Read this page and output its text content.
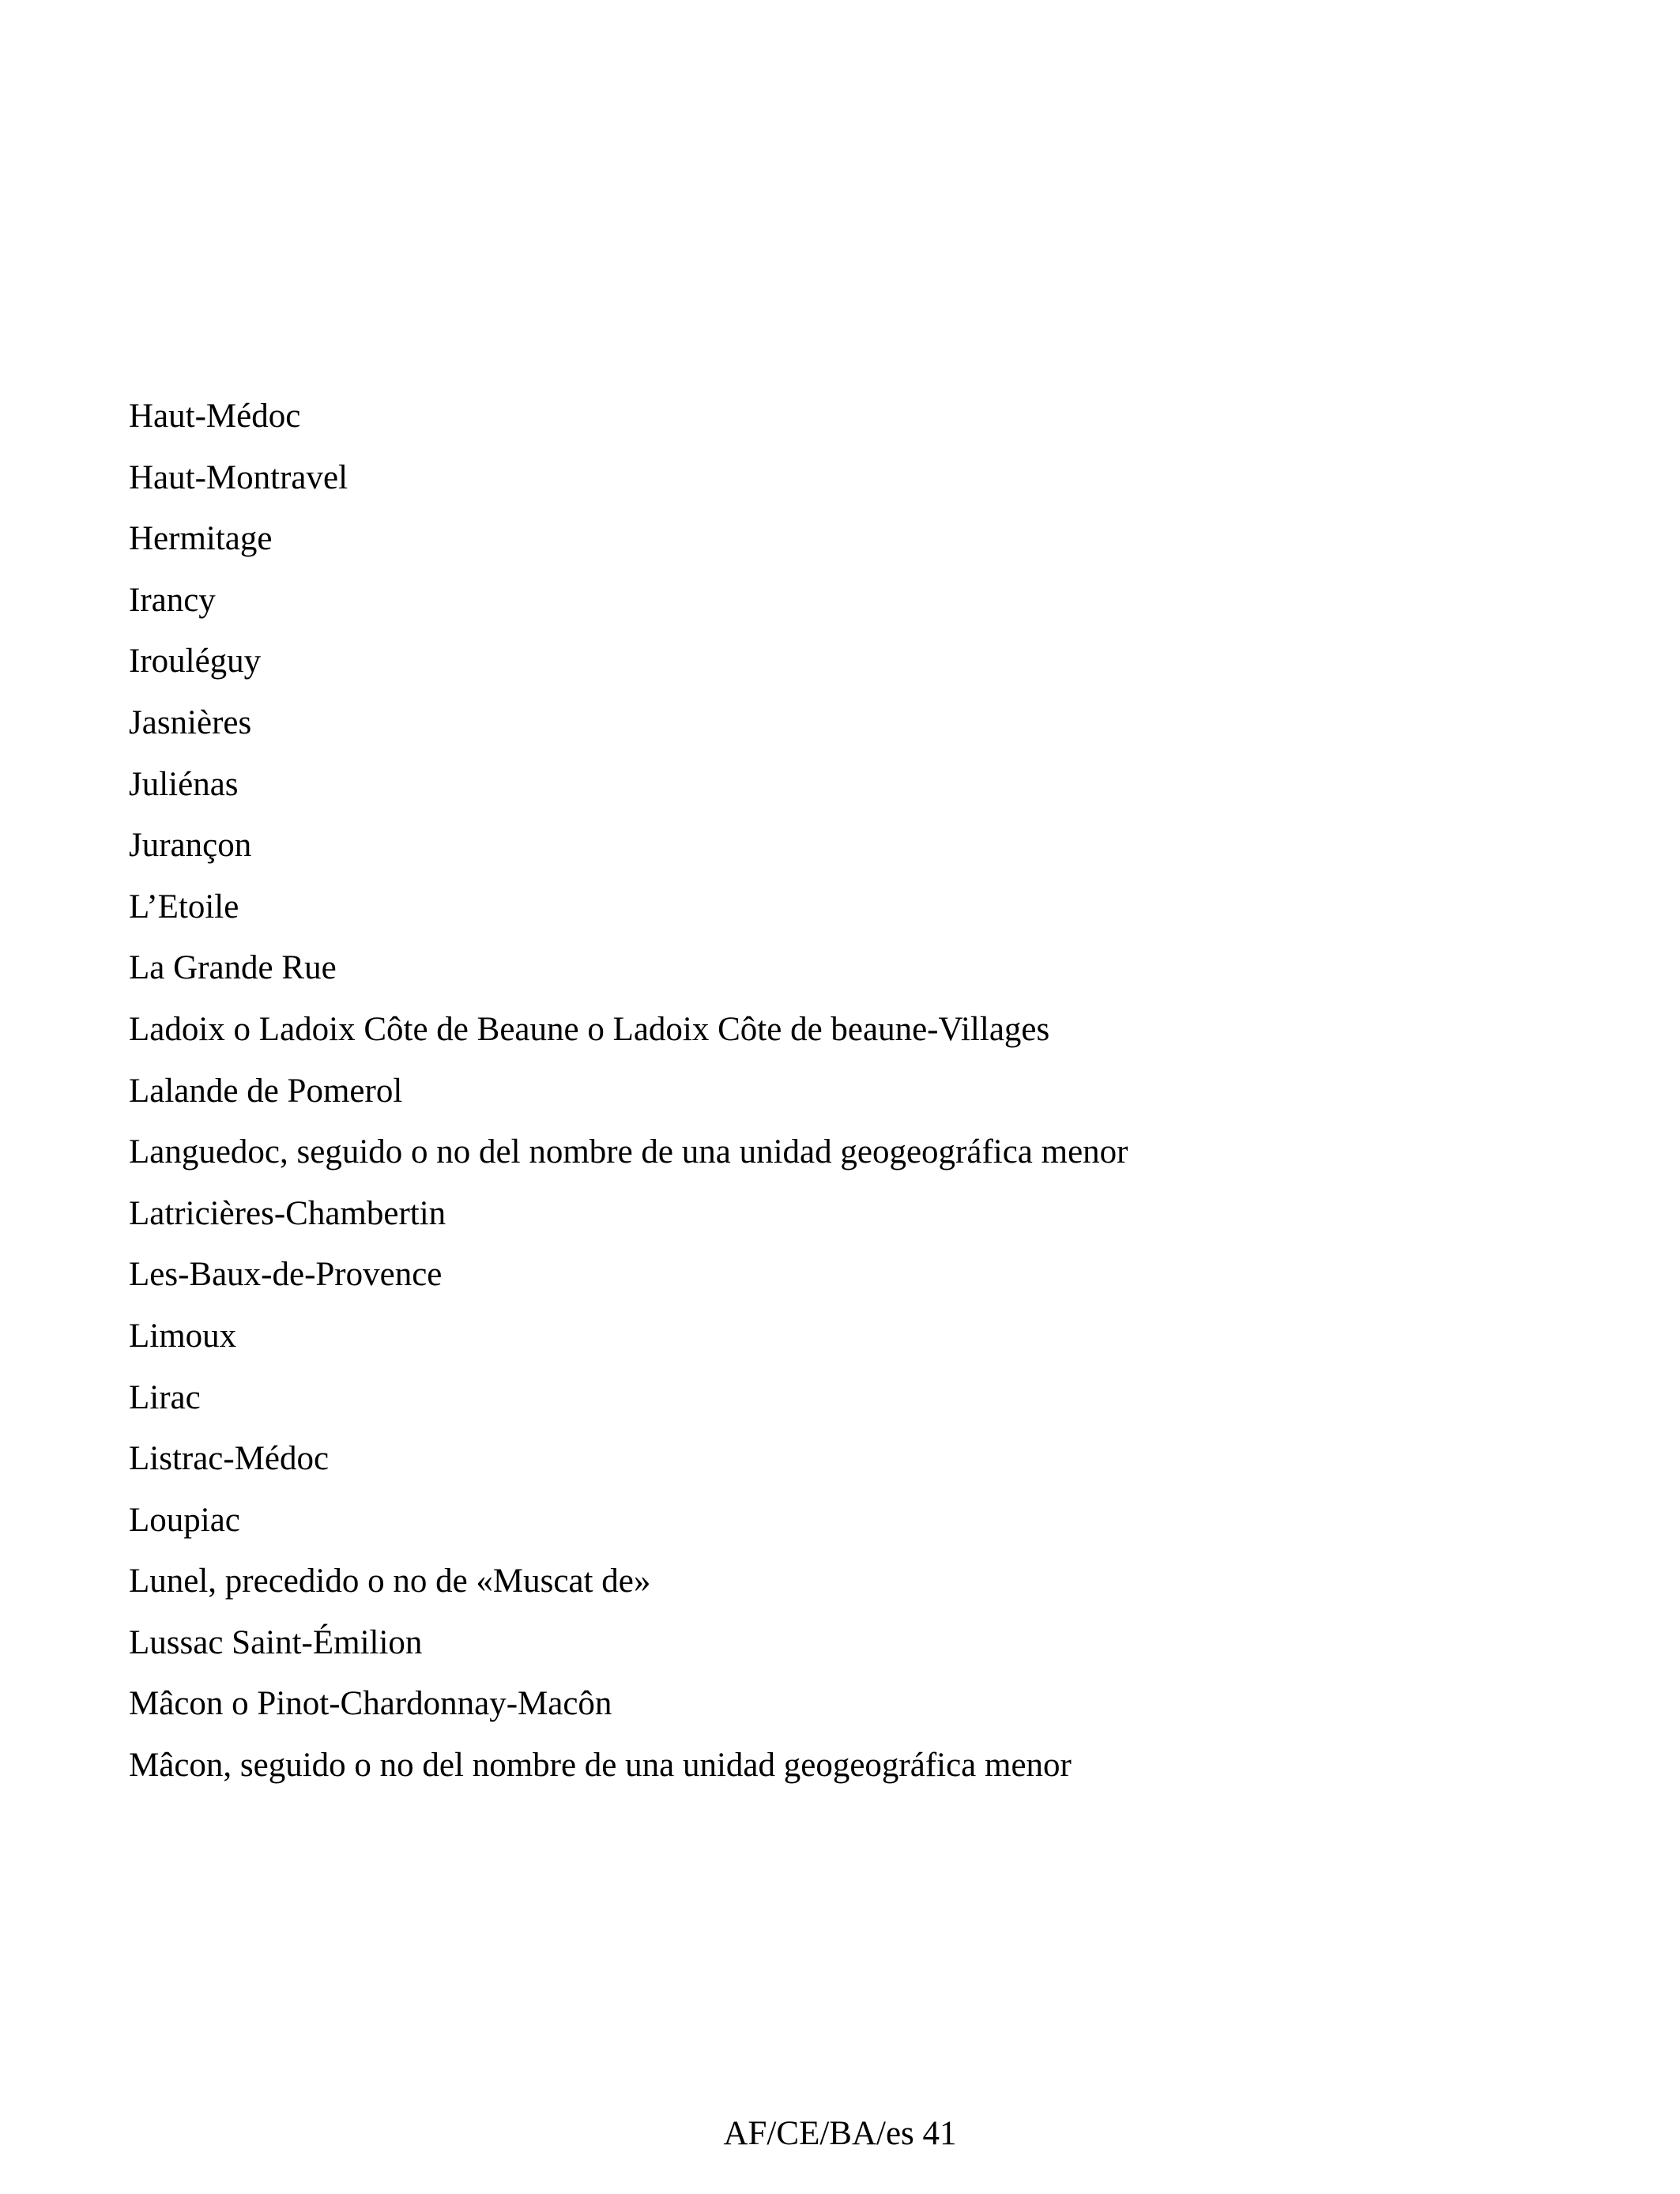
Haut-Médoc
Haut-Montravel
Hermitage
Irancy
Irouléguy
Jasnières
Juliénas
Jurançon
L’Etoile
La Grande Rue
Ladoix o Ladoix Côte de Beaune o Ladoix Côte de beaune-Villages
Lalande de Pomerol
Languedoc, seguido o no del nombre de una unidad geogeográfica menor
Latricières-Chambertin
Les-Baux-de-Provence
Limoux
Lirac
Listrac-Médoc
Loupiac
Lunel, precedido o no de «Muscat de»
Lussac Saint-Émilion
Mâcon o Pinot-Chardonnay-Macôn
Mâcon, seguido o no del nombre de una unidad geogeográfica menor
AF/CE/BA/es 41
